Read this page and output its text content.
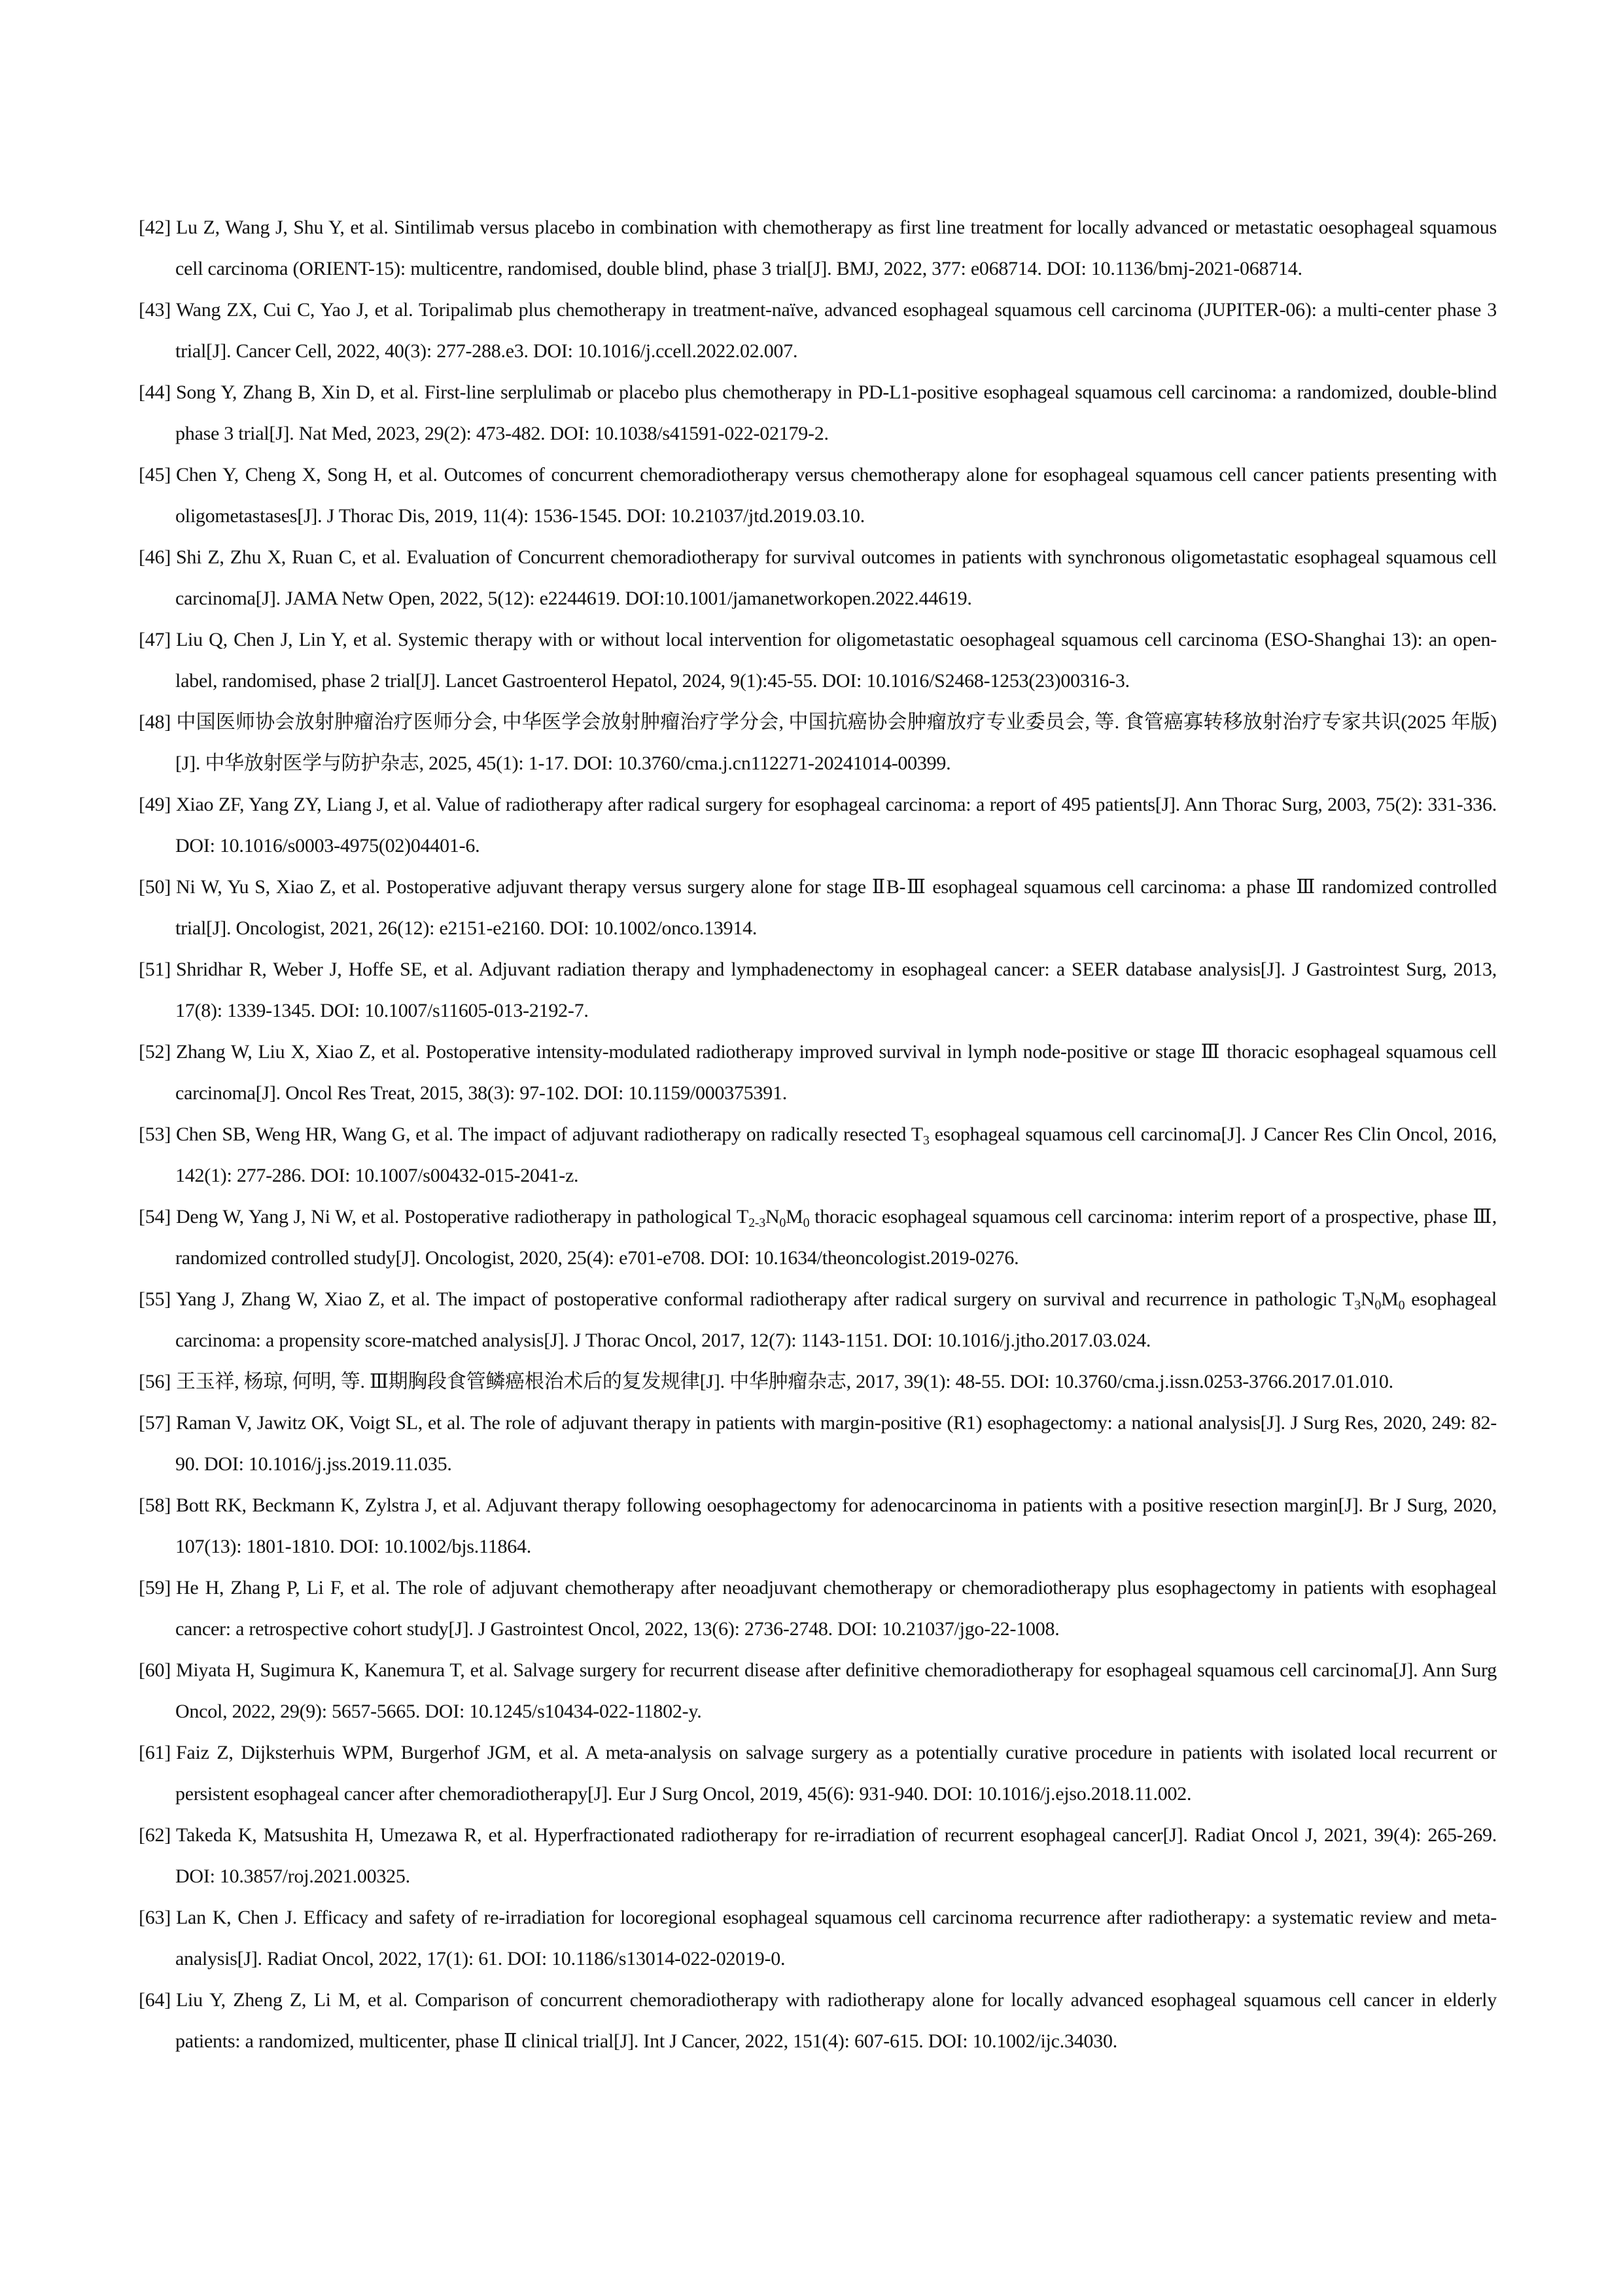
[42] Lu Z, Wang J, Shu Y, et al. Sintilimab versus placebo in combination with chemotherapy as first line treatment for locally advanced or metastatic oesophageal squamous cell carcinoma (ORIENT-15): multicentre, randomised, double blind, phase 3 trial[J]. BMJ, 2022, 377: e068714. DOI: 10.1136/bmj-2021-068714.
[43] Wang ZX, Cui C, Yao J, et al. Toripalimab plus chemotherapy in treatment-naïve, advanced esophageal squamous cell carcinoma (JUPITER-06): a multi-center phase 3 trial[J]. Cancer Cell, 2022, 40(3): 277-288.e3. DOI: 10.1016/j.ccell.2022.02.007.
[44] Song Y, Zhang B, Xin D, et al. First-line serplulimab or placebo plus chemotherapy in PD-L1-positive esophageal squamous cell carcinoma: a randomized, double-blind phase 3 trial[J]. Nat Med, 2023, 29(2): 473-482. DOI: 10.1038/s41591-022-02179-2.
[45] Chen Y, Cheng X, Song H, et al. Outcomes of concurrent chemoradiotherapy versus chemotherapy alone for esophageal squamous cell cancer patients presenting with oligometastases[J]. J Thorac Dis, 2019, 11(4): 1536-1545. DOI: 10.21037/jtd.2019.03.10.
[46] Shi Z, Zhu X, Ruan C, et al. Evaluation of Concurrent chemoradiotherapy for survival outcomes in patients with synchronous oligometastatic esophageal squamous cell carcinoma[J]. JAMA Netw Open, 2022, 5(12): e2244619. DOI:10.1001/jamanetworkopen.2022.44619.
[47] Liu Q, Chen J, Lin Y, et al. Systemic therapy with or without local intervention for oligometastatic oesophageal squamous cell carcinoma (ESO-Shanghai 13): an open-label, randomised, phase 2 trial[J]. Lancet Gastroenterol Hepatol, 2024, 9(1):45-55. DOI: 10.1016/S2468-1253(23)00316-3.
[48] 中国医师协会放射肿瘤治疗医师分会, 中华医学会放射肿瘤治疗学分会, 中国抗癌协会肿瘤放疗专业委员会, 等. 食管癌寡转移放射治疗专家共识(2025 年版)[J]. 中华放射医学与防护杂志, 2025, 45(1): 1-17. DOI: 10.3760/cma.j.cn112271-20241014-00399.
[49] Xiao ZF, Yang ZY, Liang J, et al. Value of radiotherapy after radical surgery for esophageal carcinoma: a report of 495 patients[J]. Ann Thorac Surg, 2003, 75(2): 331-336. DOI: 10.1016/s0003-4975(02)04401-6.
[50] Ni W, Yu S, Xiao Z, et al. Postoperative adjuvant therapy versus surgery alone for stage ⅡB-Ⅲ esophageal squamous cell carcinoma: a phase Ⅲ randomized controlled trial[J]. Oncologist, 2021, 26(12): e2151-e2160. DOI: 10.1002/onco.13914.
[51] Shridhar R, Weber J, Hoffe SE, et al. Adjuvant radiation therapy and lymphadenectomy in esophageal cancer: a SEER database analysis[J]. J Gastrointest Surg, 2013, 17(8): 1339-1345. DOI: 10.1007/s11605-013-2192-7.
[52] Zhang W, Liu X, Xiao Z, et al. Postoperative intensity-modulated radiotherapy improved survival in lymph node-positive or stage Ⅲ thoracic esophageal squamous cell carcinoma[J]. Oncol Res Treat, 2015, 38(3): 97-102. DOI: 10.1159/000375391.
[53] Chen SB, Weng HR, Wang G, et al. The impact of adjuvant radiotherapy on radically resected $T_3$ esophageal squamous cell carcinoma[J]. J Cancer Res Clin Oncol, 2016, 142(1): 277-286. DOI: 10.1007/s00432-015-2041-z.
[54] Deng W, Yang J, Ni W, et al. Postoperative radiotherapy in pathological $T_{2-3}N_0M_0$ thoracic esophageal squamous cell carcinoma: interim report of a prospective, phase Ⅲ, randomized controlled study[J]. Oncologist, 2020, 25(4): e701-e708. DOI: 10.1634/theoncologist.2019-0276.
[55] Yang J, Zhang W, Xiao Z, et al. The impact of postoperative conformal radiotherapy after radical surgery on survival and recurrence in pathologic $T_3N_0M_0$ esophageal carcinoma: a propensity score-matched analysis[J]. J Thorac Oncol, 2017, 12(7): 1143-1151. DOI: 10.1016/j.jtho.2017.03.024.
[56] 王玉祥, 杨琼, 何明, 等. Ⅲ期胸段食管鳞癌根治术后的复发规律[J]. 中华肿瘤杂志, 2017, 39(1): 48-55. DOI: 10.3760/cma.j.issn.0253-3766.2017.01.010.
[57] Raman V, Jawitz OK, Voigt SL, et al. The role of adjuvant therapy in patients with margin-positive (R1) esophagectomy: a national analysis[J]. J Surg Res, 2020, 249: 82-90. DOI: 10.1016/j.jss.2019.11.035.
[58] Bott RK, Beckmann K, Zylstra J, et al. Adjuvant therapy following oesophagectomy for adenocarcinoma in patients with a positive resection margin[J]. Br J Surg, 2020, 107(13): 1801-1810. DOI: 10.1002/bjs.11864.
[59] He H, Zhang P, Li F, et al. The role of adjuvant chemotherapy after neoadjuvant chemotherapy or chemoradiotherapy plus esophagectomy in patients with esophageal cancer: a retrospective cohort study[J]. J Gastrointest Oncol, 2022, 13(6): 2736-2748. DOI: 10.21037/jgo-22-1008.
[60] Miyata H, Sugimura K, Kanemura T, et al. Salvage surgery for recurrent disease after definitive chemoradiotherapy for esophageal squamous cell carcinoma[J]. Ann Surg Oncol, 2022, 29(9): 5657-5665. DOI: 10.1245/s10434-022-11802-y.
[61] Faiz Z, Dijksterhuis WPM, Burgerhof JGM, et al. A meta-analysis on salvage surgery as a potentially curative procedure in patients with isolated local recurrent or persistent esophageal cancer after chemoradiotherapy[J]. Eur J Surg Oncol, 2019, 45(6): 931-940. DOI: 10.1016/j.ejso.2018.11.002.
[62] Takeda K, Matsushita H, Umezawa R, et al. Hyperfractionated radiotherapy for re-irradiation of recurrent esophageal cancer[J]. Radiat Oncol J, 2021, 39(4): 265-269. DOI: 10.3857/roj.2021.00325.
[63] Lan K, Chen J. Efficacy and safety of re-irradiation for locoregional esophageal squamous cell carcinoma recurrence after radiotherapy: a systematic review and meta-analysis[J]. Radiat Oncol, 2022, 17(1): 61. DOI: 10.1186/s13014-022-02019-0.
[64] Liu Y, Zheng Z, Li M, et al. Comparison of concurrent chemoradiotherapy with radiotherapy alone for locally advanced esophageal squamous cell cancer in elderly patients: a randomized, multicenter, phase Ⅱ clinical trial[J]. Int J Cancer, 2022, 151(4): 607-615. DOI: 10.1002/ijc.34030.
